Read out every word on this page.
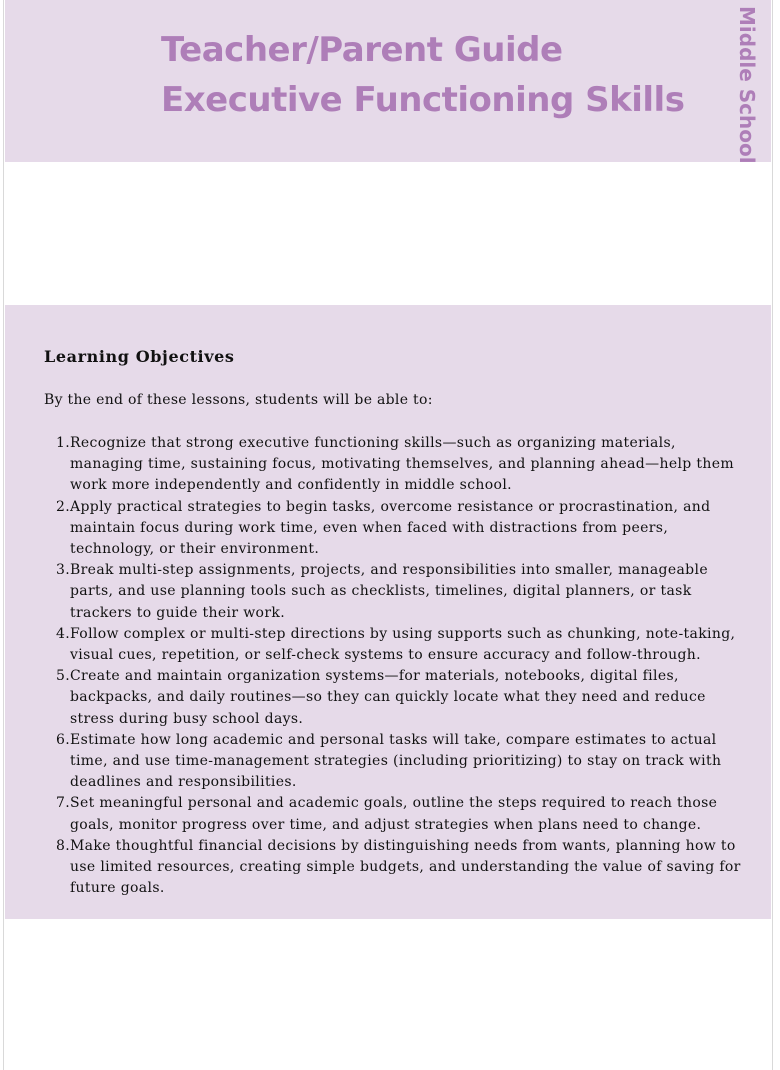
Teacher/Parent Guide
Executive Functioning Skills	Middle School
Learning Objectives

By the end of these lessons, students will be able to:

1. Recognize that strong executive functioning skills—such as organizing materials, managing time, sustaining focus, motivating themselves, and planning ahead—help them work more independently and confidently in middle school.
2. Apply practical strategies to begin tasks, overcome resistance or procrastination, and maintain focus during work time, even when faced with distractions from peers, technology, or their environment.
3. Break multi-step assignments, projects, and responsibilities into smaller, manageable parts, and use planning tools such as checklists, timelines, digital planners, or task trackers to guide their work.
4. Follow complex or multi-step directions by using supports such as chunking, note-taking, visual cues, repetition, or self-check systems to ensure accuracy and follow-through.
5. Create and maintain organization systems—for materials, notebooks, digital files, backpacks, and daily routines—so they can quickly locate what they need and reduce stress during busy school days.
6. Estimate how long academic and personal tasks will take, compare estimates to actual time, and use time-management strategies (including prioritizing) to stay on track with deadlines and responsibilities.
7. Set meaningful personal and academic goals, outline the steps required to reach those goals, monitor progress over time, and adjust strategies when plans need to change.
8. Make thoughtful financial decisions by distinguishing needs from wants, planning how to use limited resources, creating simple budgets, and understanding the value of saving for future goals.
